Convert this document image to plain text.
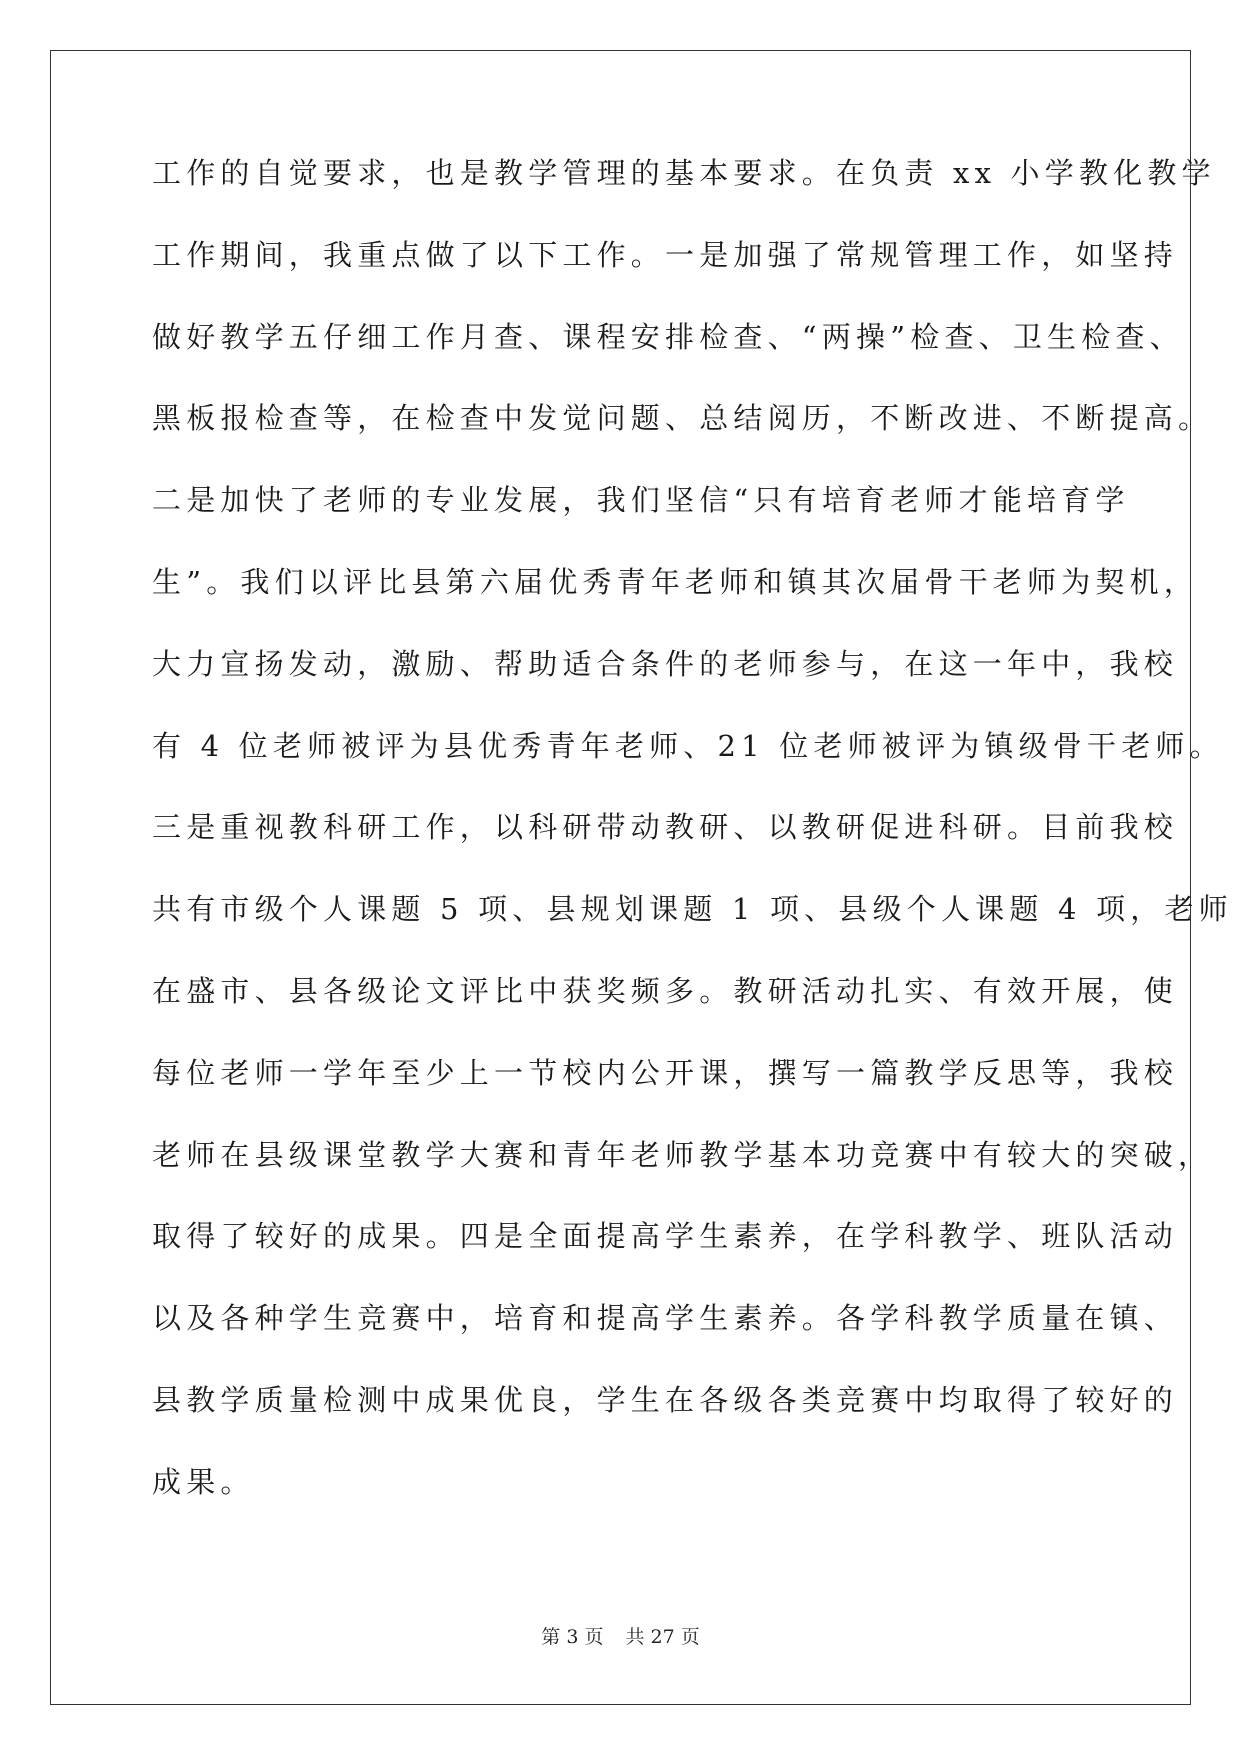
工作的自觉要求，也是教学管理的基本要求。在负责 xx 小学教化教学
工作期间，我重点做了以下工作。一是加强了常规管理工作，如坚持
做好教学五仔细工作月查、课程安排检查、“两操”检查、卫生检查、
黑板报检查等，在检查中发觉问题、总结阅历，不断改进、不断提高。
二是加快了老师的专业发展，我们坚信“只有培育老师才能培育学
生”。我们以评比县第六届优秀青年老师和镇其次届骨干老师为契机，
大力宣扬发动，激励、帮助适合条件的老师参与，在这一年中，我校
有 4 位老师被评为县优秀青年老师、21 位老师被评为镇级骨干老师。
三是重视教科研工作，以科研带动教研、以教研促进科研。目前我校
共有市级个人课题 5 项、县规划课题 1 项、县级个人课题 4 项，老师
在盛市、县各级论文评比中获奖频多。教研活动扎实、有效开展，使
每位老师一学年至少上一节校内公开课，撰写一篇教学反思等，我校
老师在县级课堂教学大赛和青年老师教学基本功竞赛中有较大的突破，
取得了较好的成果。四是全面提高学生素养，在学科教学、班队活动
以及各种学生竞赛中，培育和提高学生素养。各学科教学质量在镇、
县教学质量检测中成果优良，学生在各级各类竞赛中均取得了较好的
成果。
第 3 页 共 27 页
